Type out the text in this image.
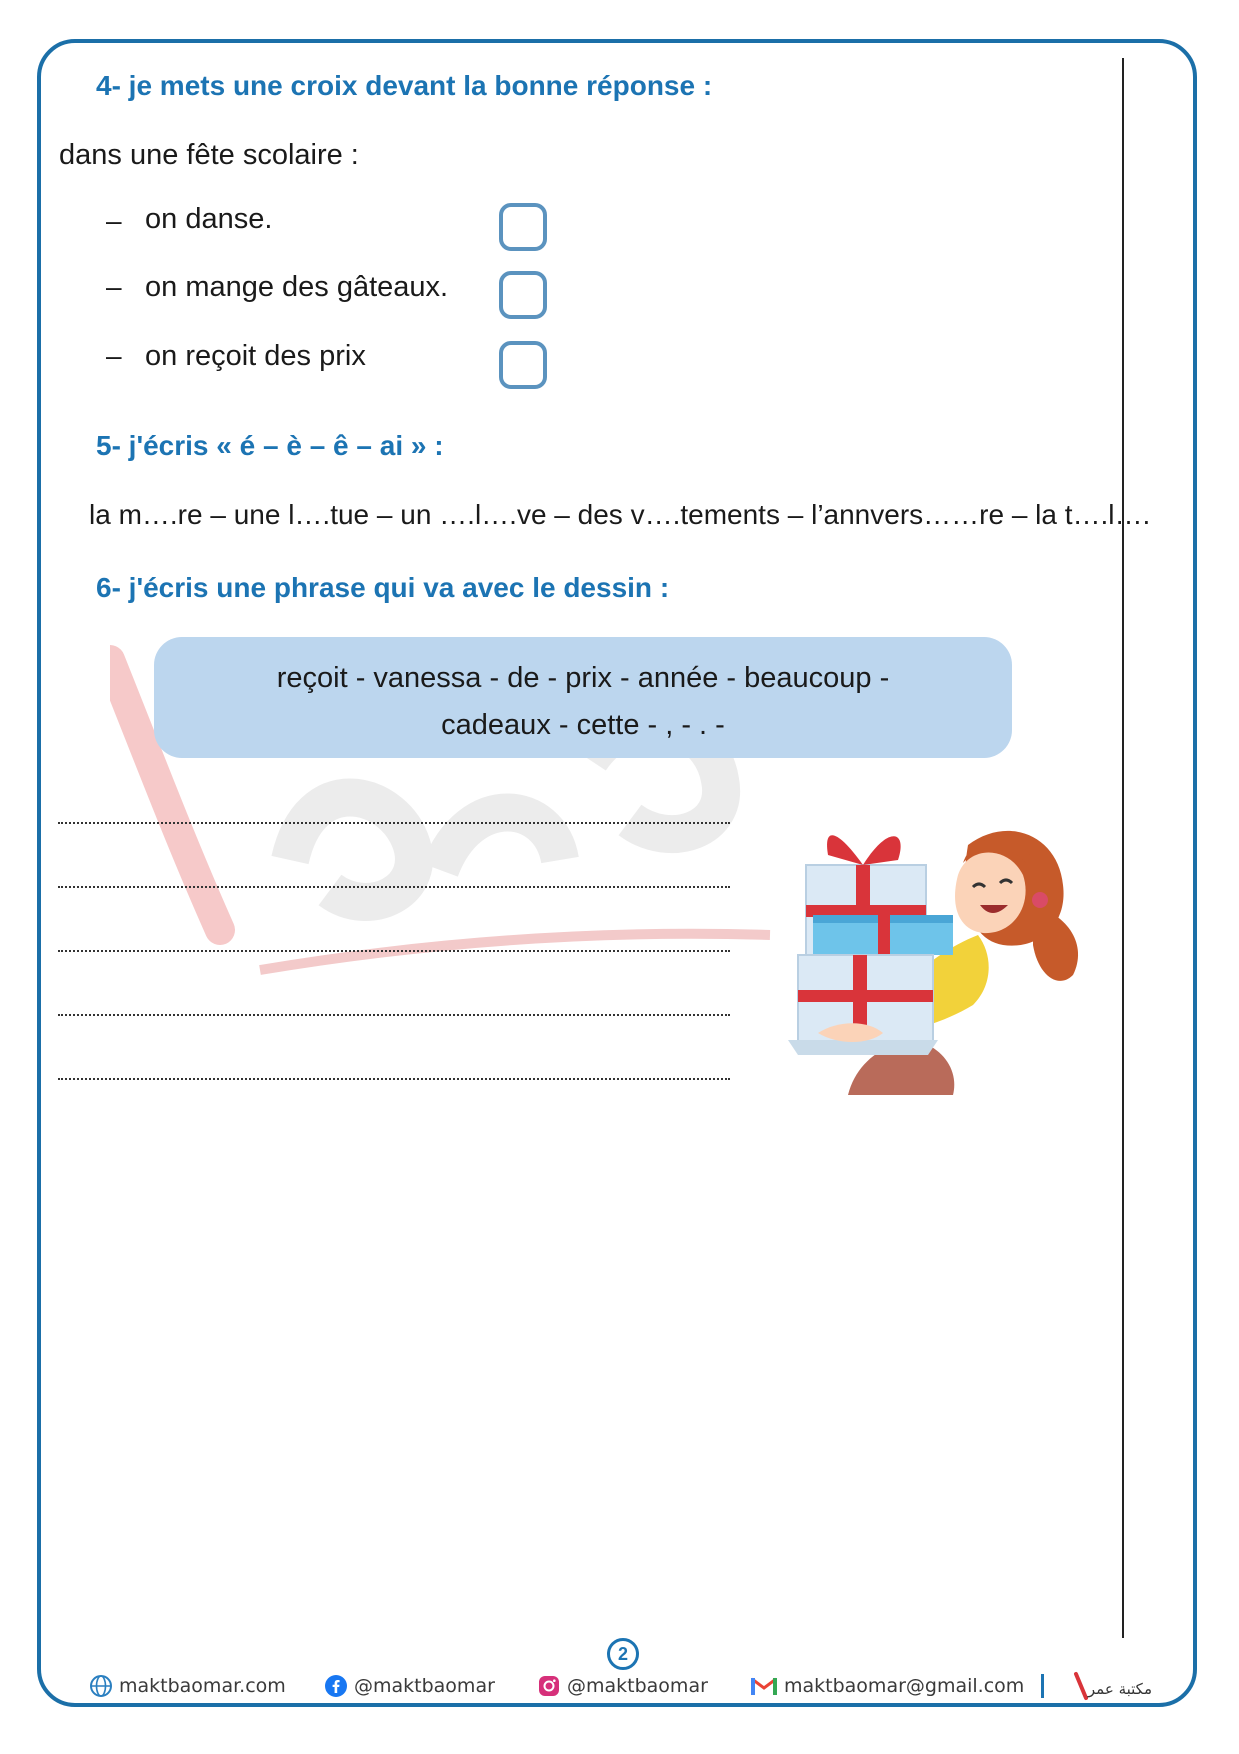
4- je mets une croix devant la bonne réponse :
dans une fête scolaire :
– on danse.
– on mange des gâteaux.
– on reçoit des prix
5- j'écris « é – è – ê – ai » :
la m….re – une l….tue – un ….l….ve – des v….tements – l’annvers……re – la t….l….
6- j'écris une phrase qui va avec le dessin :
reçoit - vanessa - de - prix - année - beaucoup -
cadeaux - cette - , - . -
2
maktbaomar.com	@maktbaomar	@maktbaomar	maktbaomar@gmail.com	مكتبة عمر
